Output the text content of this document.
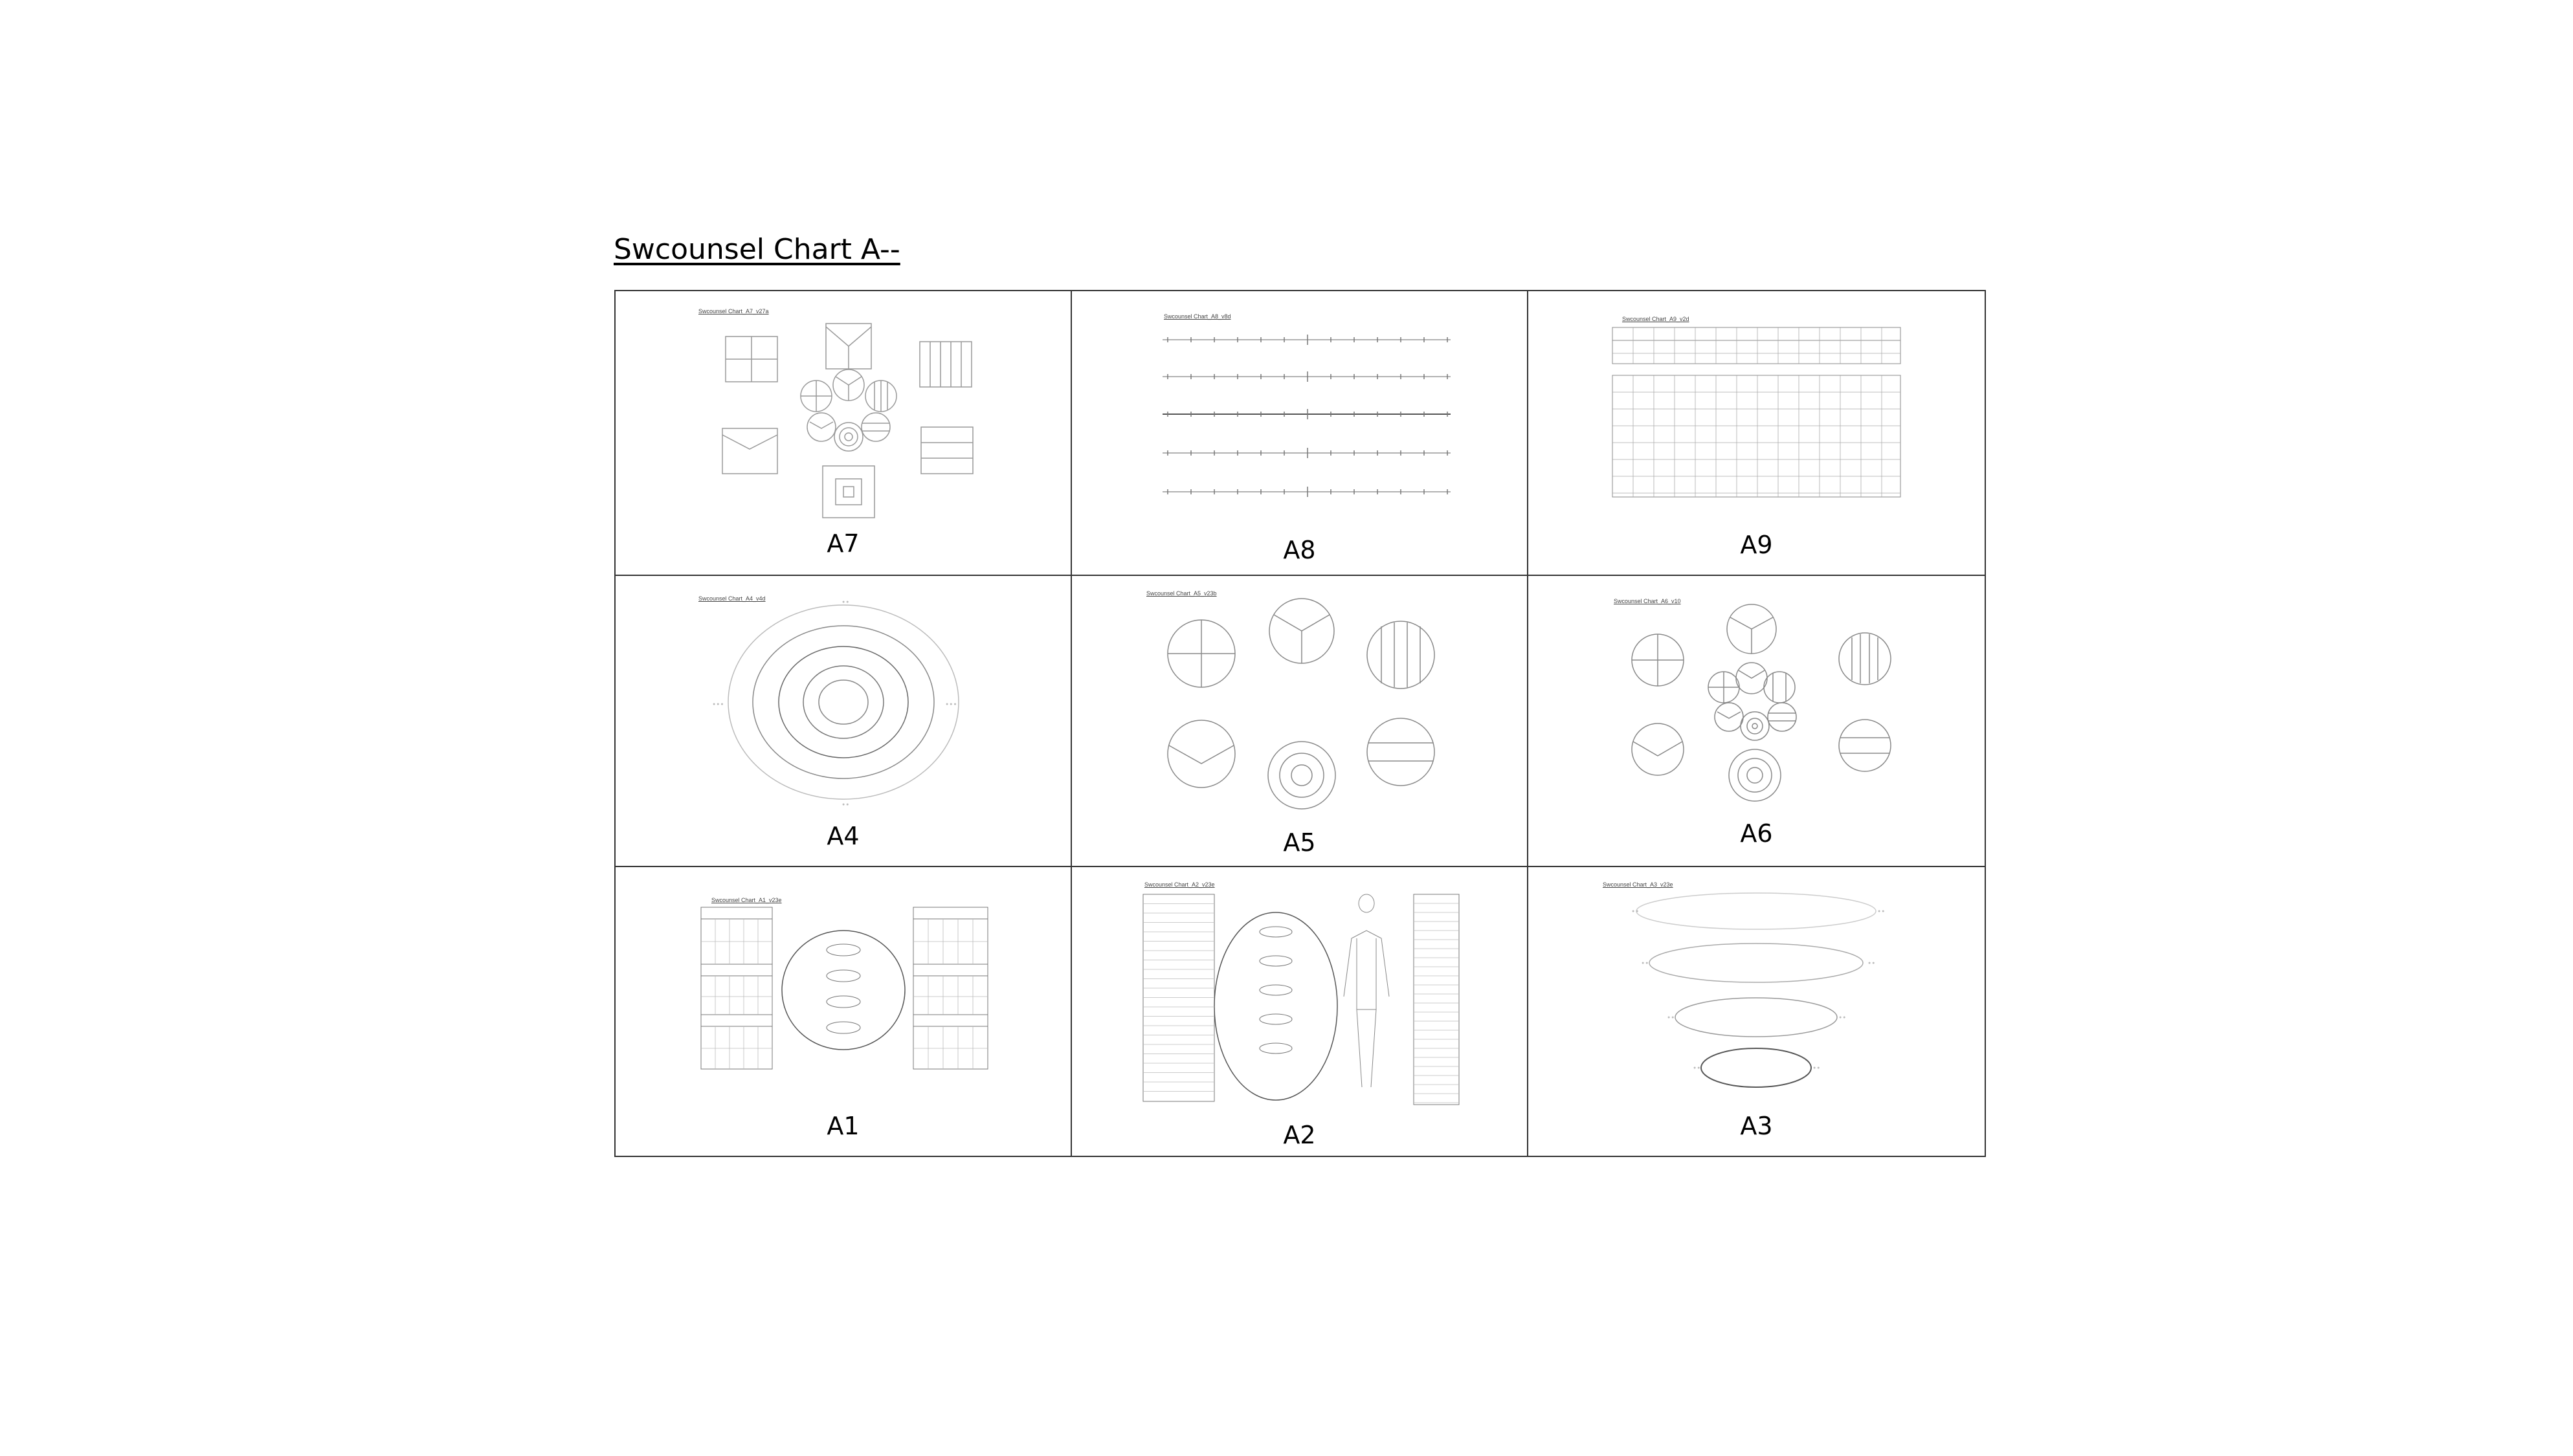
Swcounsel Chart A--
Swcounsel Chart_A7_v27a
A7
Swcounsel Chart_A8_v8d
A8
Swcounsel Chart_A9_v2d
A9
Swcounsel Chart_A4_v4d
● ● ●	● ● ●
● ●
● ●
A4
Swcounsel Chart_A5_v23b
A5
Swcounsel Chart_A6_v10
A6
Swcounsel Chart_A1_v23e
A1
Swcounsel Chart_A2_v23e
A2
Swcounsel Chart_A3_v23e
● ●	● ●
● ●	● ●
● ●	● ●
● ●	● ●
A3
